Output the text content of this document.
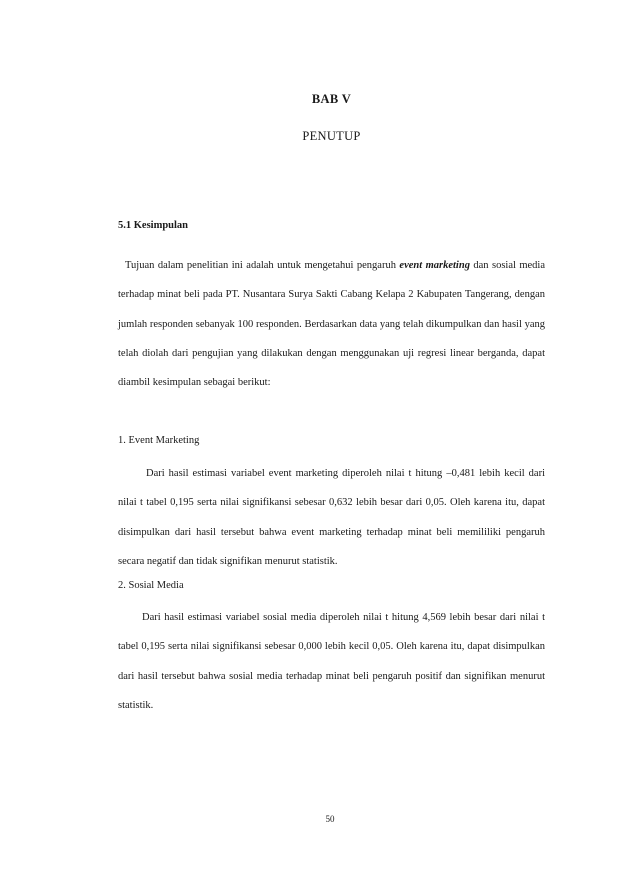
BAB V
PENUTUP
5.1 Kesimpulan

Tujuan dalam penelitian ini adalah untuk mengetahui pengaruh event marketing dan sosial media terhadap minat beli pada PT. Nusantara Surya Sakti Cabang Kelapa 2 Kabupaten Tangerang, dengan jumlah responden sebanyak 100 responden. Berdasarkan data yang telah dikumpulkan dan hasil yang telah diolah dari pengujian yang dilakukan dengan menggunakan uji regresi linear berganda, dapat diambil kesimpulan sebagai berikut:

1. Event Marketing

Dari hasil estimasi variabel event marketing diperoleh nilai t hitung –0,481 lebih kecil dari nilai t tabel 0,195 serta nilai signifikansi sebesar 0,632 lebih besar dari 0,05. Oleh karena itu, dapat disimpulkan dari hasil tersebut bahwa event marketing terhadap minat beli memililiki pengaruh secara negatif dan tidak signifikan menurut statistik.

2. Sosial Media

Dari hasil estimasi variabel sosial media diperoleh nilai t hitung 4,569 lebih besar dari nilai t tabel 0,195 serta nilai signifikansi sebesar 0,000 lebih kecil 0,05. Oleh karena itu, dapat disimpulkan dari hasil tersebut bahwa sosial media terhadap minat beli pengaruh positif dan signifikan menurut statistik.

50
